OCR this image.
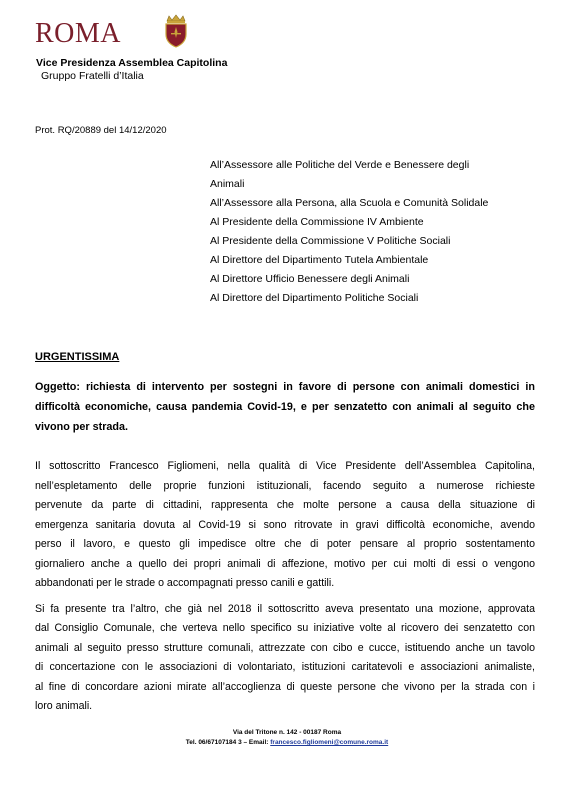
ROMA
Vice Presidenza Assemblea Capitolina
Gruppo Fratelli d’Italia
Prot. RQ/20889 del 14/12/2020
All’Assessore alle Politiche del Verde e Benessere degli
Animali
All’Assessore alla Persona, alla Scuola e Comunità Solidale
Al Presidente della Commissione IV Ambiente
Al Presidente della Commissione V Politiche Sociali
Al Direttore del Dipartimento Tutela Ambientale
Al Direttore Ufficio Benessere degli Animali
Al Direttore del Dipartimento Politiche Sociali
URGENTISSIMA
Oggetto: richiesta di intervento per sostegni in favore di persone con animali domestici in difficoltà economiche, causa pandemia Covid-19, e per senzatetto con animali al seguito che vivono per strada.

Il sottoscritto Francesco Figliomeni, nella qualità di Vice Presidente dell’Assemblea Capitolina,
nell’espletamento delle proprie funzioni istituzionali, facendo seguito a numerose richieste
pervenute da parte di cittadini, rappresenta che molte persone a causa della situazione di
emergenza sanitaria dovuta al Covid-19 si sono ritrovate in gravi difficoltà economiche, avendo
perso il lavoro, e questo gli impedisce oltre che di poter pensare al proprio sostentamento
giornaliero anche a quello dei propri animali di affezione, motivo per cui molti di essi o vengono
abbandonati per le strade o accompagnati presso canili e gattili.

Si fa presente tra l’altro, che già nel 2018 il sottoscritto aveva presentato una mozione, approvata
dal Consiglio Comunale, che verteva nello specifico su iniziative volte al ricovero dei senzatetto con
animali al seguito presso strutture comunali, attrezzate con cibo e cucce, istituendo anche un tavolo
di concertazione con le associazioni di volontariato, istituzioni caritatevoli e associazioni animaliste,
al fine di concordare azioni mirate all’accoglienza di queste persone che vivono per la strada con i
loro animali.

Via del Tritone n. 142 - 00187 Roma
Tel. 06/67107184 3 – Email: francesco.figliomeni@comune.roma.it
